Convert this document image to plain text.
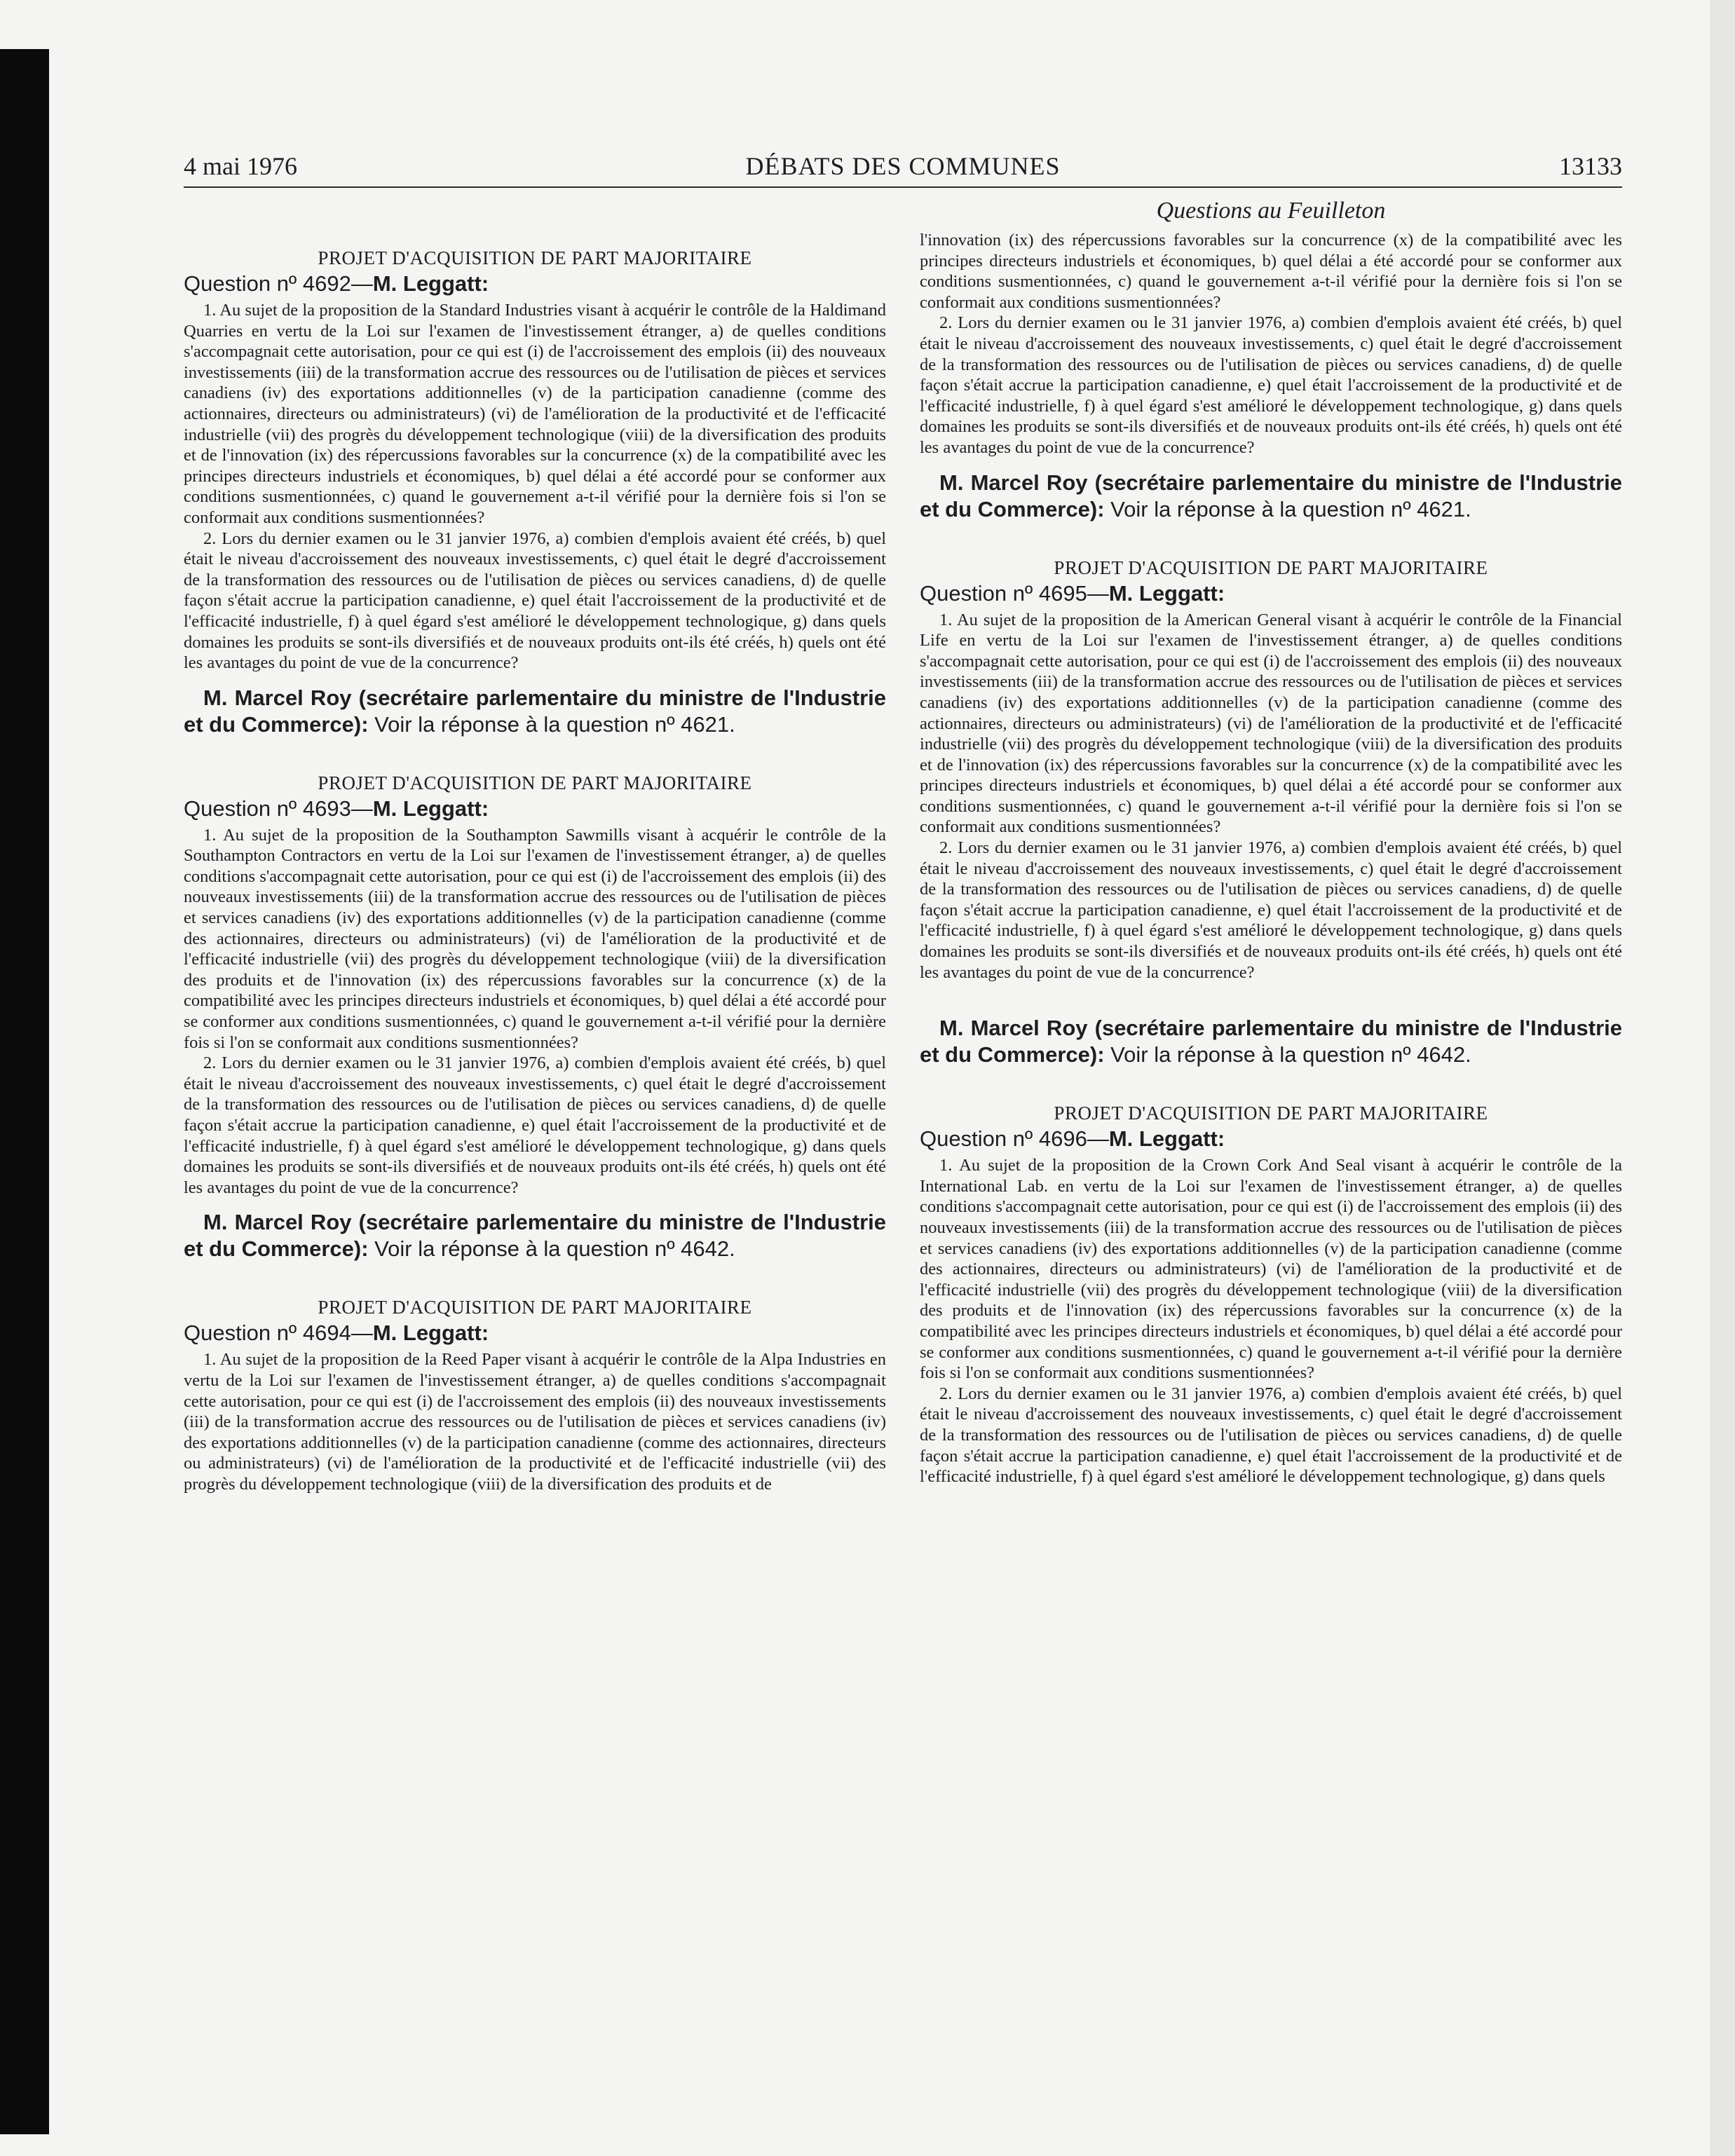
4 mai 1976	DÉBATS DES COMMUNES	13133

PROJET D'ACQUISITION DE PART MAJORITAIRE

Question nº 4692—M. Leggatt:

1. Au sujet de la proposition de la Standard Industries visant à acquérir le contrôle de la Haldimand Quarries en vertu de la Loi sur l'examen de l'investissement étranger, a) de quelles conditions s'accompagnait cette autorisation, pour ce qui est (i) de l'accroissement des emplois (ii) des nouveaux investissements (iii) de la transformation accrue des ressources ou de l'utilisation de pièces et services canadiens (iv) des exportations additionnelles (v) de la participation canadienne (comme des actionnaires, directeurs ou administrateurs) (vi) de l'amélioration de la productivité et de l'efficacité industrielle (vii) des progrès du développement technologique (viii) de la diversification des produits et de l'innovation (ix) des répercussions favorables sur la concurrence (x) de la compatibilité avec les principes directeurs industriels et économiques, b) quel délai a été accordé pour se conformer aux conditions susmentionnées, c) quand le gouvernement a-t-il vérifié pour la dernière fois si l'on se conformait aux conditions susmentionnées?

2. Lors du dernier examen ou le 31 janvier 1976, a) combien d'emplois avaient été créés, b) quel était le niveau d'accroissement des nouveaux investissements, c) quel était le degré d'accroissement de la transformation des ressources ou de l'utilisation de pièces ou services canadiens, d) de quelle façon s'était accrue la participation canadienne, e) quel était l'accroissement de la productivité et de l'efficacité industrielle, f) à quel égard s'est amélioré le développement technologique, g) dans quels domaines les produits se sont-ils diversifiés et de nouveaux produits ont-ils été créés, h) quels ont été les avantages du point de vue de la concurrence?

M. Marcel Roy (secrétaire parlementaire du ministre de l'Industrie et du Commerce): Voir la réponse à la question nº 4621.

PROJET D'ACQUISITION DE PART MAJORITAIRE

Question nº 4693—M. Leggatt:

1. Au sujet de la proposition de la Southampton Sawmills visant à acquérir le contrôle de la Southampton Contractors en vertu de la Loi sur l'examen de l'investissement étranger, a) de quelles conditions s'accompagnait cette autorisation, pour ce qui est (i) de l'accroissement des emplois (ii) des nouveaux investissements (iii) de la transformation accrue des ressources ou de l'utilisation de pièces et services canadiens (iv) des exportations additionnelles (v) de la participation canadienne (comme des actionnaires, directeurs ou administrateurs) (vi) de l'amélioration de la productivité et de l'efficacité industrielle (vii) des progrès du développement technologique (viii) de la diversification des produits et de l'innovation (ix) des répercussions favorables sur la concurrence (x) de la compatibilité avec les principes directeurs industriels et économiques, b) quel délai a été accordé pour se conformer aux conditions susmentionnées, c) quand le gouvernement a-t-il vérifié pour la dernière fois si l'on se conformait aux conditions susmentionnées?

2. Lors du dernier examen ou le 31 janvier 1976, a) combien d'emplois avaient été créés, b) quel était le niveau d'accroissement des nouveaux investissements, c) quel était le degré d'accroissement de la transformation des ressources ou de l'utilisation de pièces ou services canadiens, d) de quelle façon s'était accrue la participation canadienne, e) quel était l'accroissement de la productivité et de l'efficacité industrielle, f) à quel égard s'est amélioré le développement technologique, g) dans quels domaines les produits se sont-ils diversifiés et de nouveaux produits ont-ils été créés, h) quels ont été les avantages du point de vue de la concurrence?

M. Marcel Roy (secrétaire parlementaire du ministre de l'Industrie et du Commerce): Voir la réponse à la question nº 4642.

PROJET D'ACQUISITION DE PART MAJORITAIRE

Question nº 4694—M. Leggatt:

1. Au sujet de la proposition de la Reed Paper visant à acquérir le contrôle de la Alpa Industries en vertu de la Loi sur l'examen de l'investissement étranger, a) de quelles conditions s'accompagnait cette autorisation, pour ce qui est (i) de l'accroissement des emplois (ii) des nouveaux investissements (iii) de la transformation accrue des ressources ou de l'utilisation de pièces et services canadiens (iv) des exportations additionnelles (v) de la participation canadienne (comme des actionnaires, directeurs ou administrateurs) (vi) de l'amélioration de la productivité et de l'efficacité industrielle (vii) des progrès du développement technologique (viii) de la diversification des produits et de

Questions au Feuilleton

l'innovation (ix) des répercussions favorables sur la concurrence (x) de la compatibilité avec les principes directeurs industriels et économiques, b) quel délai a été accordé pour se conformer aux conditions susmentionnées, c) quand le gouvernement a-t-il vérifié pour la dernière fois si l'on se conformait aux conditions susmentionnées?

2. Lors du dernier examen ou le 31 janvier 1976, a) combien d'emplois avaient été créés, b) quel était le niveau d'accroissement des nouveaux investissements, c) quel était le degré d'accroissement de la transformation des ressources ou de l'utilisation de pièces ou services canadiens, d) de quelle façon s'était accrue la participation canadienne, e) quel était l'accroissement de la productivité et de l'efficacité industrielle, f) à quel égard s'est amélioré le développement technologique, g) dans quels domaines les produits se sont-ils diversifiés et de nouveaux produits ont-ils été créés, h) quels ont été les avantages du point de vue de la concurrence?

M. Marcel Roy (secrétaire parlementaire du ministre de l'Industrie et du Commerce): Voir la réponse à la question nº 4621.

PROJET D'ACQUISITION DE PART MAJORITAIRE

Question nº 4695—M. Leggatt:

1. Au sujet de la proposition de la American General visant à acquérir le contrôle de la Financial Life en vertu de la Loi sur l'examen de l'investissement étranger, a) de quelles conditions s'accompagnait cette autorisation, pour ce qui est (i) de l'accroissement des emplois (ii) des nouveaux investissements (iii) de la transformation accrue des ressources ou de l'utilisation de pièces et services canadiens (iv) des exportations additionnelles (v) de la participation canadienne (comme des actionnaires, directeurs ou administrateurs) (vi) de l'amélioration de la productivité et de l'efficacité industrielle (vii) des progrès du développement technologique (viii) de la diversification des produits et de l'innovation (ix) des répercussions favorables sur la concurrence (x) de la compatibilité avec les principes directeurs industriels et économiques, b) quel délai a été accordé pour se conformer aux conditions susmentionnées, c) quand le gouvernement a-t-il vérifié pour la dernière fois si l'on se conformait aux conditions susmentionnées?

2. Lors du dernier examen ou le 31 janvier 1976, a) combien d'emplois avaient été créés, b) quel était le niveau d'accroissement des nouveaux investissements, c) quel était le degré d'accroissement de la transformation des ressources ou de l'utilisation de pièces ou services canadiens, d) de quelle façon s'était accrue la participation canadienne, e) quel était l'accroissement de la productivité et de l'efficacité industrielle, f) à quel égard s'est amélioré le développement technologique, g) dans quels domaines les produits se sont-ils diversifiés et de nouveaux produits ont-ils été créés, h) quels ont été les avantages du point de vue de la concurrence?

M. Marcel Roy (secrétaire parlementaire du ministre de l'Industrie et du Commerce): Voir la réponse à la question nº 4642.

PROJET D'ACQUISITION DE PART MAJORITAIRE

Question nº 4696—M. Leggatt:

1. Au sujet de la proposition de la Crown Cork And Seal visant à acquérir le contrôle de la International Lab. en vertu de la Loi sur l'examen de l'investissement étranger, a) de quelles conditions s'accompagnait cette autorisation, pour ce qui est (i) de l'accroissement des emplois (ii) des nouveaux investissements (iii) de la transformation accrue des ressources ou de l'utilisation de pièces et services canadiens (iv) des exportations additionnelles (v) de la participation canadienne (comme des actionnaires, directeurs ou administrateurs) (vi) de l'amélioration de la productivité et de l'efficacité industrielle (vii) des progrès du développement technologique (viii) de la diversification des produits et de l'innovation (ix) des répercussions favorables sur la concurrence (x) de la compatibilité avec les principes directeurs industriels et économiques, b) quel délai a été accordé pour se conformer aux conditions susmentionnées, c) quand le gouvernement a-t-il vérifié pour la dernière fois si l'on se conformait aux conditions susmentionnées?

2. Lors du dernier examen ou le 31 janvier 1976, a) combien d'emplois avaient été créés, b) quel était le niveau d'accroissement des nouveaux investissements, c) quel était le degré d'accroissement de la transformation des ressources ou de l'utilisation de pièces ou services canadiens, d) de quelle façon s'était accrue la participation canadienne, e) quel était l'accroissement de la productivité et de l'efficacité industrielle, f) à quel égard s'est amélioré le développement technologique, g) dans quels
